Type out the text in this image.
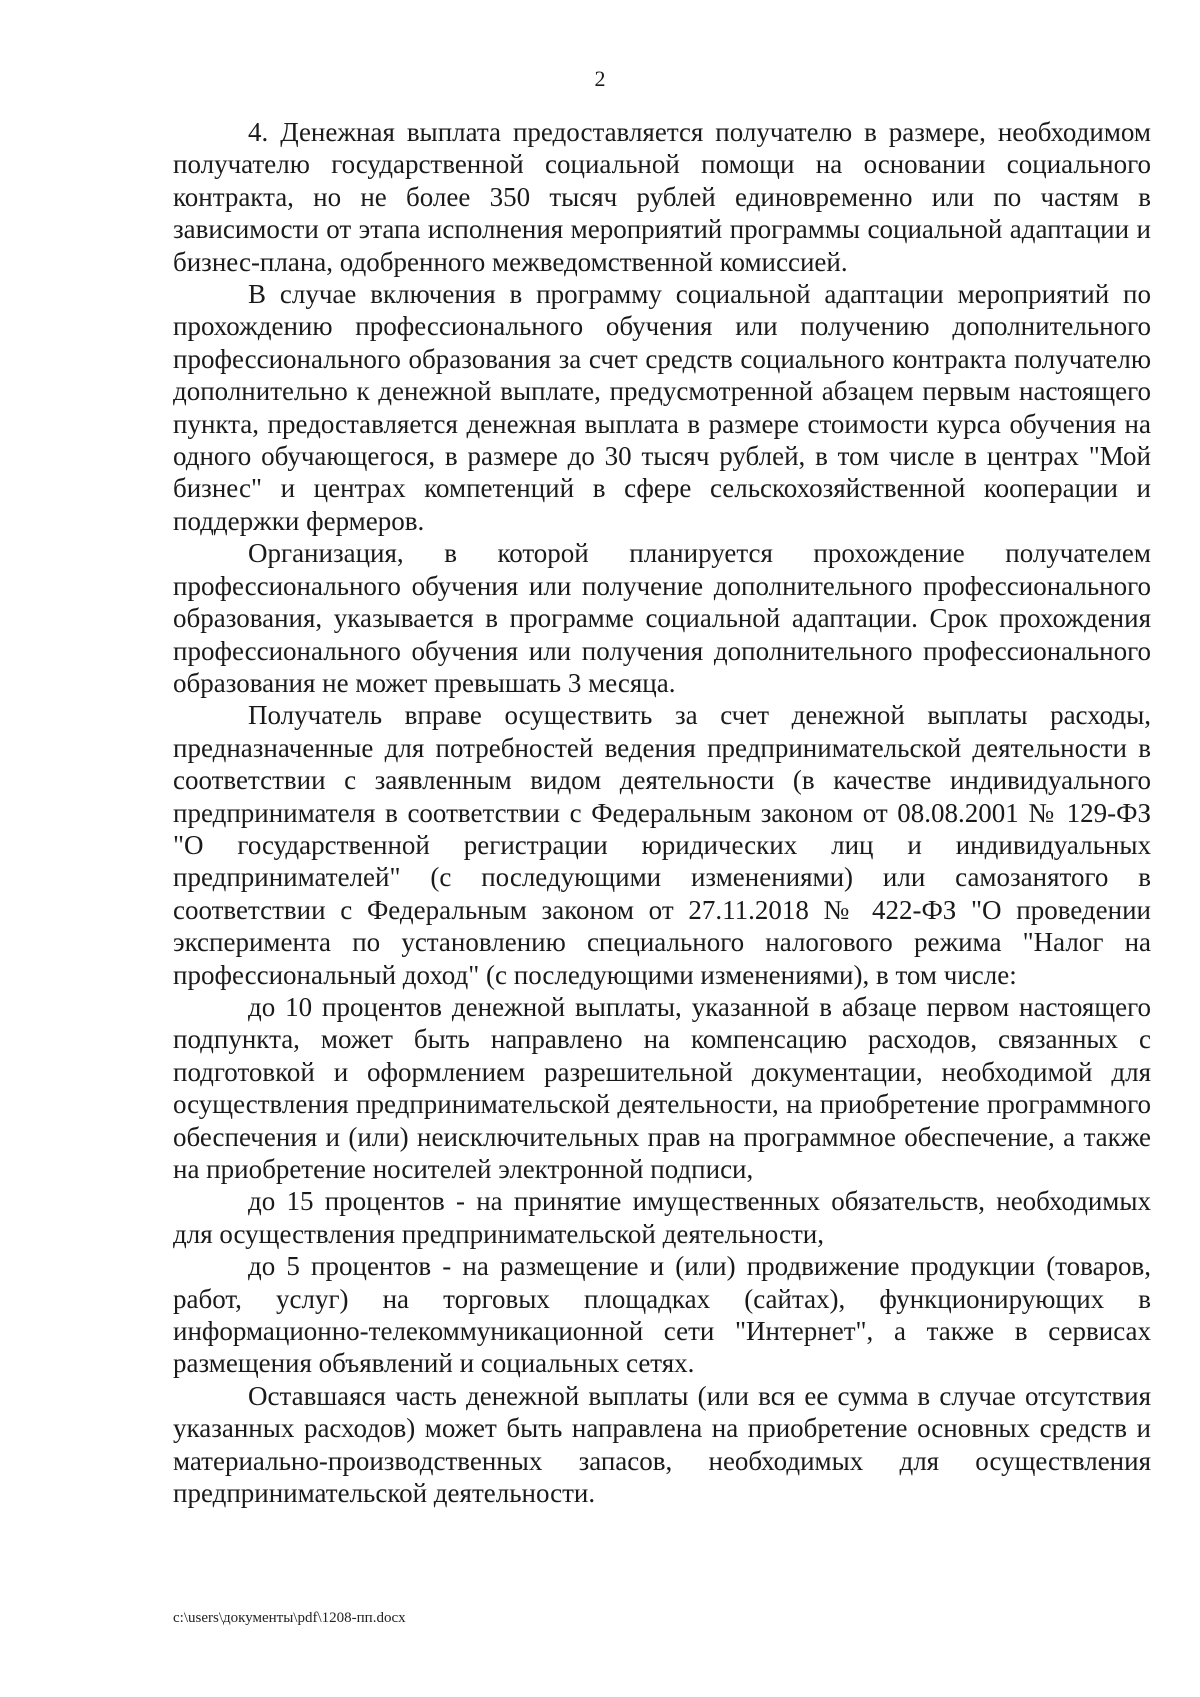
2

4. Денежная выплата предоставляется получателю в размере, необходимом получателю государственной социальной помощи на основании социального контракта, но не более 350 тысяч рублей единовременно или по частям в зависимости от этапа исполнения мероприятий программы социальной адаптации и бизнес-плана, одобренного межведомственной комиссией.

В случае включения в программу социальной адаптации мероприятий по прохождению профессионального обучения или получению дополнительного профессионального образования за счет средств социального контракта получателю дополнительно к денежной выплате, предусмотренной абзацем первым настоящего пункта, предоставляется денежная выплата в размере стоимости курса обучения на одного обучающегося, в размере до 30 тысяч рублей, в том числе в центрах "Мой бизнес" и центрах компетенций в сфере сельскохозяйственной кооперации и поддержки фермеров.

Организация, в которой планируется прохождение получателем профессионального обучения или получение дополнительного профессионального образования, указывается в программе социальной адаптации. Срок прохождения профессионального обучения или получения дополнительного профессионального образования не может превышать 3 месяца.

Получатель вправе осуществить за счет денежной выплаты расходы, предназначенные для потребностей ведения предпринимательской деятельности в соответствии с заявленным видом деятельности (в качестве индивидуального предпринимателя в соответствии с Федеральным законом от 08.08.2001 № 129-ФЗ "О государственной регистрации юридических лиц и индивидуальных предпринимателей" (с последующими изменениями) или самозанятого в соответствии с Федеральным законом от 27.11.2018 № 422-ФЗ "О проведении эксперимента по установлению специального налогового режима "Налог на профессиональный доход" (с последующими изменениями), в том числе:

до 10 процентов денежной выплаты, указанной в абзаце первом настоящего подпункта, может быть направлено на компенсацию расходов, связанных с подготовкой и оформлением разрешительной документации, необходимой для осуществления предпринимательской деятельности, на приобретение программного обеспечения и (или) неисключительных прав на программное обеспечение, а также на приобретение носителей электронной подписи,

до 15 процентов - на принятие имущественных обязательств, необходимых для осуществления предпринимательской деятельности,

до 5 процентов - на размещение и (или) продвижение продукции (товаров, работ, услуг) на торговых площадках (сайтах), функционирующих в информационно-телекоммуникационной сети "Интернет", а также в сервисах размещения объявлений и социальных сетях.

Оставшаяся часть денежной выплаты (или вся ее сумма в случае отсутствия указанных расходов) может быть направлена на приобретение основных средств и материально-производственных запасов, необходимых для осуществления предпринимательской деятельности.

c:\users\документы\pdf\1208-пп.docx
